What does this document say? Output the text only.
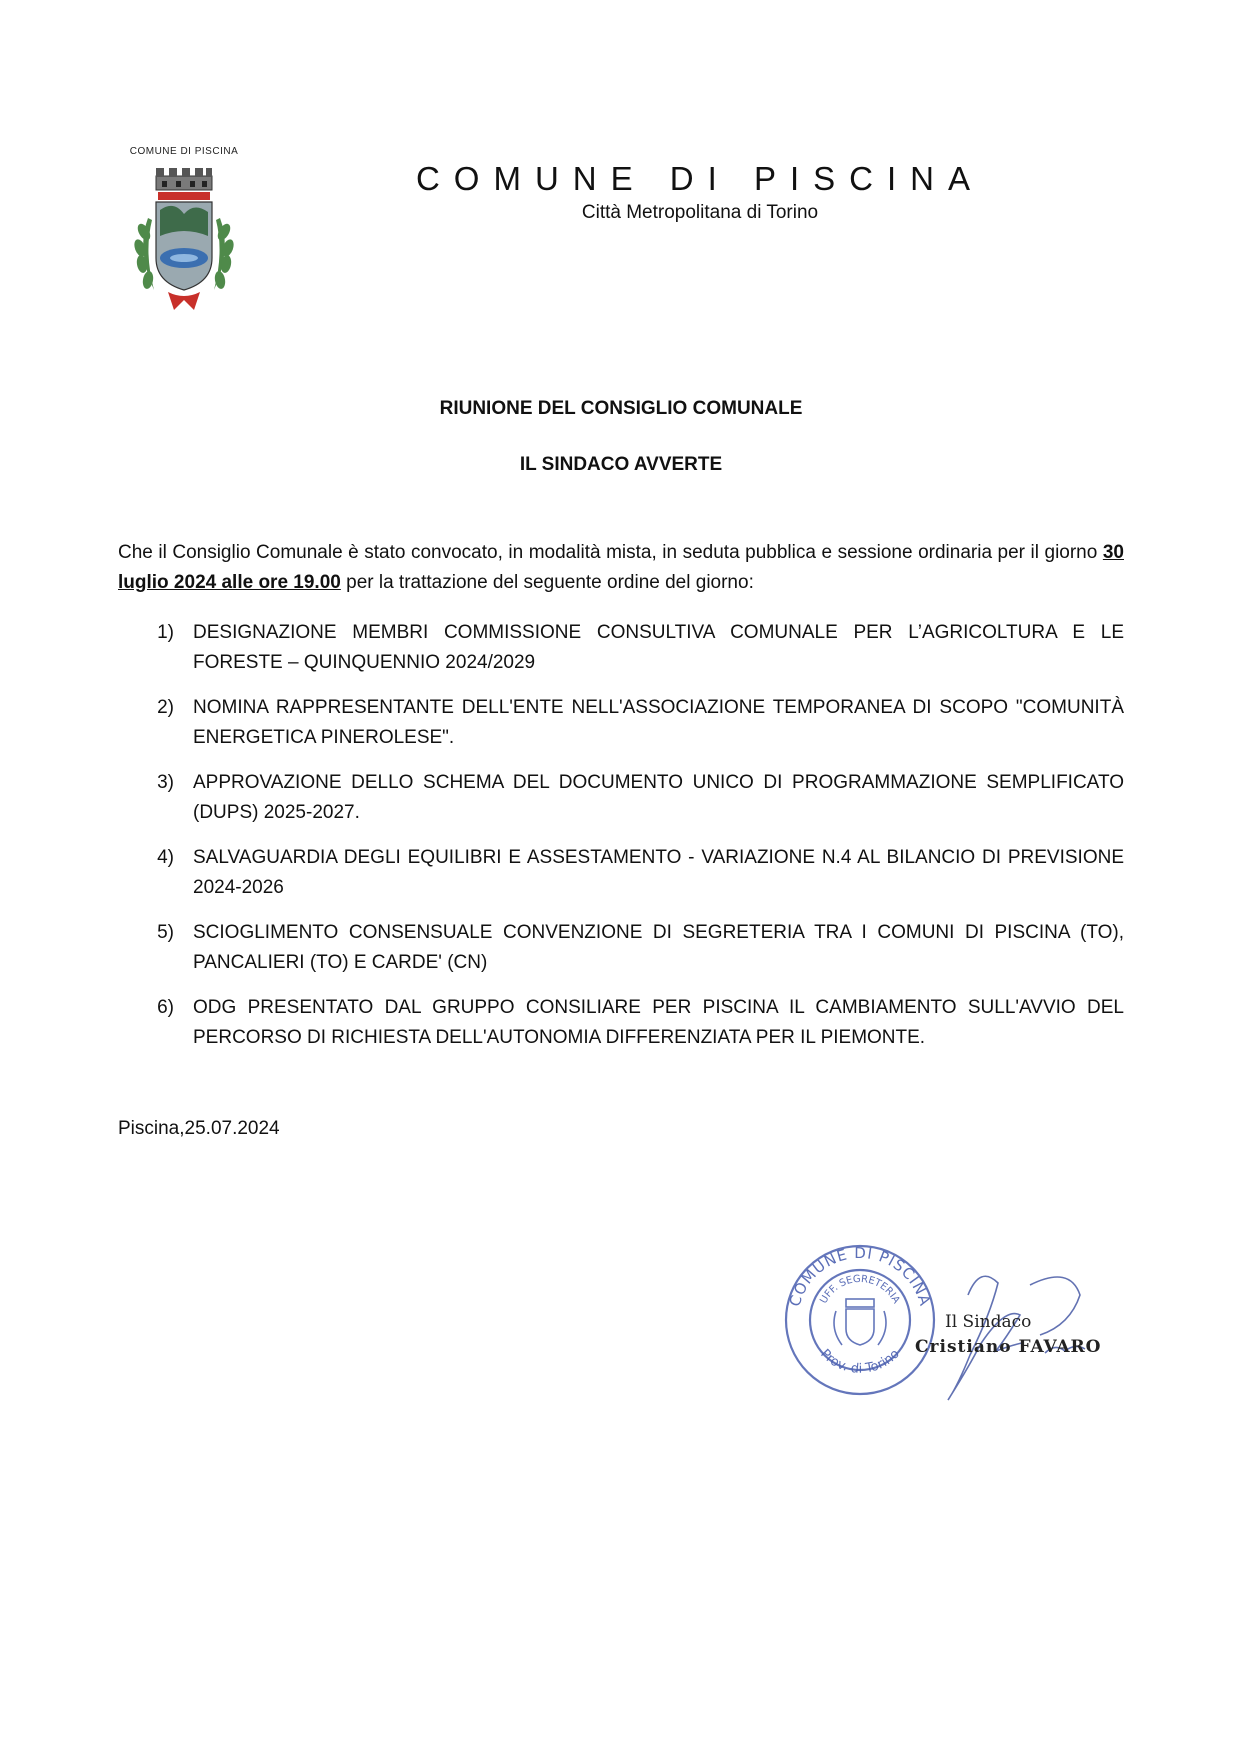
COMUNE DI PISCINA
COMUNE DI PISCINA
Città Metropolitana di Torino
RIUNIONE DEL CONSIGLIO COMUNALE
IL SINDACO AVVERTE
Che il Consiglio Comunale è stato convocato, in modalità mista, in seduta pubblica e sessione ordinaria per il giorno 30 luglio 2024 alle ore 19.00 per la trattazione del seguente ordine del giorno:
1)	DESIGNAZIONE MEMBRI COMMISSIONE CONSULTIVA COMUNALE PER L’AGRICOLTURA E LE FORESTE – QUINQUENNIO 2024/2029
2)	NOMINA RAPPRESENTANTE DELL'ENTE NELL'ASSOCIAZIONE TEMPORANEA DI SCOPO "COMUNITÀ ENERGETICA PINEROLESE".
3)	APPROVAZIONE DELLO SCHEMA DEL DOCUMENTO UNICO DI PROGRAMMAZIONE SEMPLIFICATO (DUPS) 2025-2027.
4)	SALVAGUARDIA DEGLI EQUILIBRI E ASSESTAMENTO - VARIAZIONE N.4 AL BILANCIO DI PREVISIONE 2024-2026
5)	SCIOGLIMENTO CONSENSUALE CONVENZIONE DI SEGRETERIA TRA I COMUNI DI PISCINA (TO), PANCALIERI (TO) E CARDE' (CN)
6)	ODG PRESENTATO DAL GRUPPO CONSILIARE PER PISCINA IL CAMBIAMENTO SULL'AVVIO DEL PERCORSO DI RICHIESTA DELL'AUTONOMIA DIFFERENZIATA PER IL PIEMONTE.
Piscina,25.07.2024
COMUNE DI PISCINA
UFF. SEGRETERIA
Prov. di Torino
Il Sindaco
Cristiano FAVARO
